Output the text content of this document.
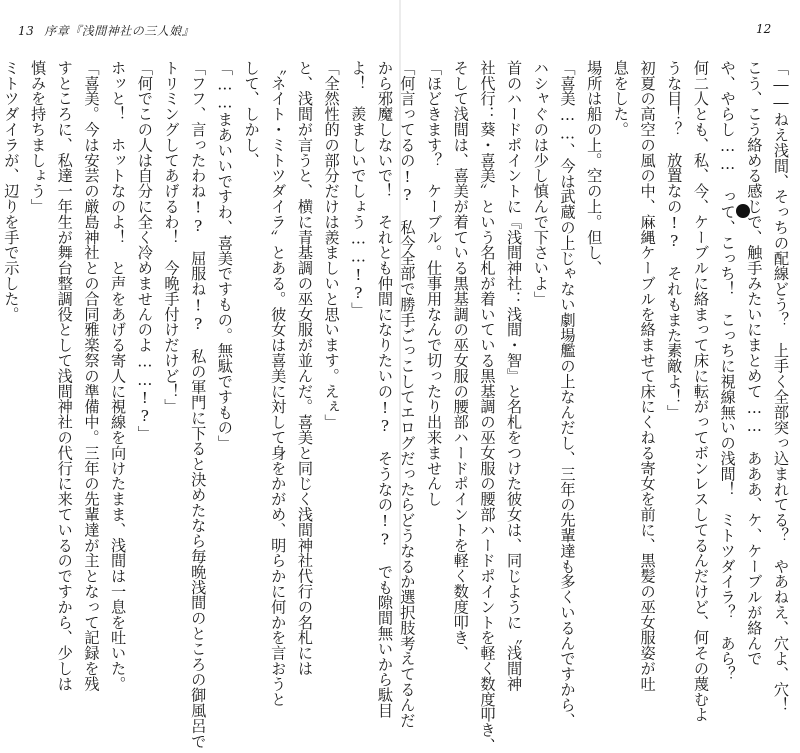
13 序章『浅間神社の三人娘』	12
「――ねえ浅間、そっちの配線どう？　上手く全部突っ込まれてる？　やあねえ、穴よ、穴！
こう、こう絡める感じで、触手みたいにまとめて……　あああ、ケ、ケーブルが絡んで
や、やらし……　って、こっち！　こっちに視線無いの浅間！　ミトツダイラ？　あら？
何二人とも、私、今、ケーブルに絡まって床に転がってボンレスしてるんだけど、何その蔑むよ
うな目！？　放置なの!?　それもまた素敵よ！」
初夏の高空の風の中、麻縄ケーブルを絡ませて床にくねる寄女を前に、黒髪の巫女服姿が吐
息をした。
場所は船の上。空の上。但し、
「喜美……、今は武蔵の上じゃない劇場艦の上なんだし、三年の先輩達も多くいるんですから、
ハシャぐのは少し慎んで下さいよ」
首のハードポイントに『浅間神社：浅間・智』と名札をつけた彼女は、同じように〝浅間神
社代行：葵・喜美〟という名札が着いている黒基調の巫女服の腰部ハードポイントを軽く数度叩き、
そして浅間は、喜美が着ている黒基調の巫女服の腰部ハードポイントを軽く数度叩き、
「ほどきます？　ケーブル。仕事用なんで切ったり出来ませんし
「何言ってるの!?　私今全部で勝手ごっこしてエログだったらどうなるか選択肢考えてるんだ
から邪魔しないで！　それとも仲間になりたいの!?　そうなの!?　でも隙間無いから駄目
よ！　羨ましいでしょう……!?」
「全然性的の部分だけは羨ましいと思います。えぇ」
と、浅間が言うと、横に青基調の巫女服が並んだ。喜美と同じく浅間神社代行の名札には
〝ネイト・ミトツダイラ〟とある。彼女は喜美に対して身をかがめ、明らかに何かを言おうと
して、しかし、
「……まあいいですわ、喜美ですもの。無駄ですもの」
「フフ、言ったわね!?　屈服ね!?　私の軍門に下ると決めたなら毎晩浅間のところの御風呂で
トリミングしてあげるわ！　今晩手付けだけど！」
「何でこの人は自分に全く冷めませんのよ……!?」
ホッと！　ホットなのよ！　と声をあげる寄人に視線を向けたまま、浅間は一息を吐いた。
「喜美。今は安芸の厳島神社との合同雅楽祭の準備中。三年の先輩達が主となって記録を残
すところに、私達一年生が舞台整調役として浅間神社の代行に来ているのですから、少しは
慎みを持ちましょう」
ミトツダイラが、辺りを手で示した。
